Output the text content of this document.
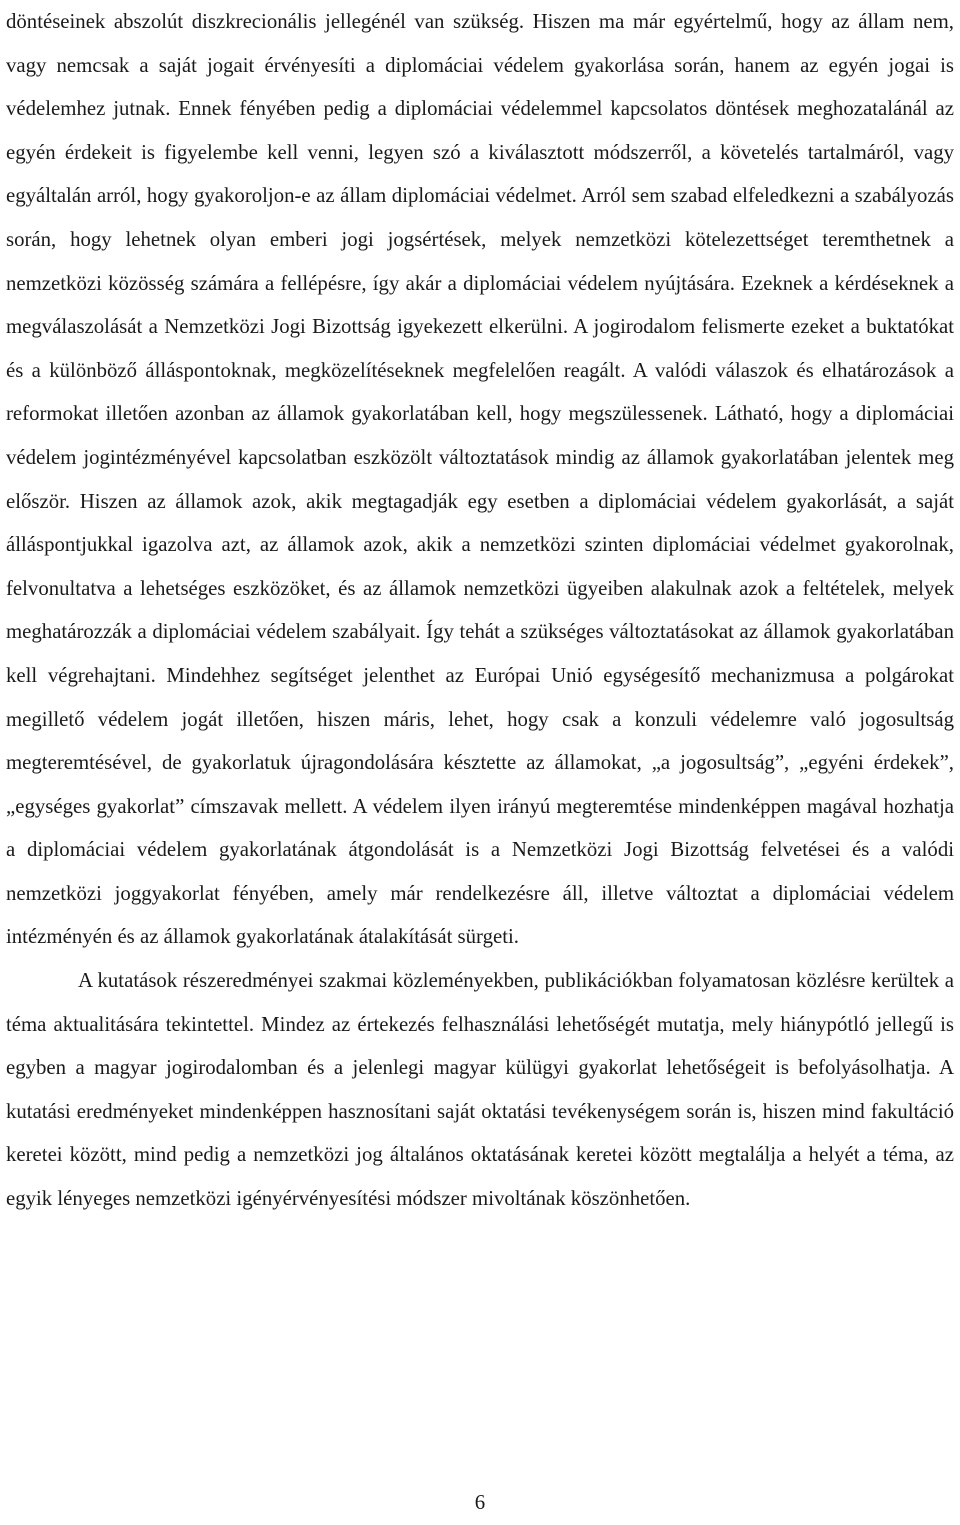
döntéseinek abszolút diszkrecionális jellegénél van szükség. Hiszen ma már egyértelmű, hogy az állam nem, vagy nemcsak a saját jogait érvényesíti a diplomáciai védelem gyakorlása során, hanem az egyén jogai is védelemhez jutnak. Ennek fényében pedig a diplomáciai védelemmel kapcsolatos döntések meghozatalánál az egyén érdekeit is figyelembe kell venni, legyen szó a kiválasztott módszerről, a követelés tartalmáról, vagy egyáltalán arról, hogy gyakoroljon-e az állam diplomáciai védelmet. Arról sem szabad elfeledkezni a szabályozás során, hogy lehetnek olyan emberi jogi jogsértések, melyek nemzetközi kötelezettséget teremthetnek a nemzetközi közösség számára a fellépésre, így akár a diplomáciai védelem nyújtására. Ezeknek a kérdéseknek a megválaszolását a Nemzetközi Jogi Bizottság igyekezett elkerülni. A jogirodalom felismerte ezeket a buktatókat és a különböző álláspontoknak, megközelítéseknek megfelelően reagált. A valódi válaszok és elhatározások a reformokat illetően azonban az államok gyakorlatában kell, hogy megszülessenek. Látható, hogy a diplomáciai védelem jogintézményével kapcsolatban eszközölt változtatások mindig az államok gyakorlatában jelentek meg először. Hiszen az államok azok, akik megtagadják egy esetben a diplomáciai védelem gyakorlását, a saját álláspontjukkal igazolva azt, az államok azok, akik a nemzetközi szinten diplomáciai védelmet gyakorolnak, felvonultatva a lehetséges eszközöket, és az államok nemzetközi ügyeiben alakulnak azok a feltételek, melyek meghatározzák a diplomáciai védelem szabályait. Így tehát a szükséges változtatásokat az államok gyakorlatában kell végrehajtani. Mindehhez segítséget jelenthet az Európai Unió egységesítő mechanizmusa a polgárokat megillető védelem jogát illetően, hiszen máris, lehet, hogy csak a konzuli védelemre való jogosultság megteremtésével, de gyakorlatuk újragondolására késztette az államokat, „a jogosultság”, „egyéni érdekek”, „egységes gyakorlat” címszavak mellett. A védelem ilyen irányú megteremtése mindenképpen magával hozhatja a diplomáciai védelem gyakorlatának átgondolását is a Nemzetközi Jogi Bizottság felvetései és a valódi nemzetközi joggyakorlat fényében, amely már rendelkezésre áll, illetve változtat a diplomáciai védelem intézményén és az államok gyakorlatának átalakítását sürgeti.

A kutatások részeredményei szakmai közleményekben, publikációkban folyamatosan közlésre kerültek a téma aktualitására tekintettel. Mindez az értekezés felhasználási lehetőségét mutatja, mely hiánypótló jellegű is egyben a magyar jogirodalomban és a jelenlegi magyar külügyi gyakorlat lehetőségeit is befolyásolhatja. A kutatási eredményeket mindenképpen hasznosítani saját oktatási tevékenységem során is, hiszen mind fakultáció keretei között, mind pedig a nemzetközi jog általános oktatásának keretei között megtalálja a helyét a téma, az egyik lényeges nemzetközi igényérvényesítési módszer mivoltának köszönhetően.

6
